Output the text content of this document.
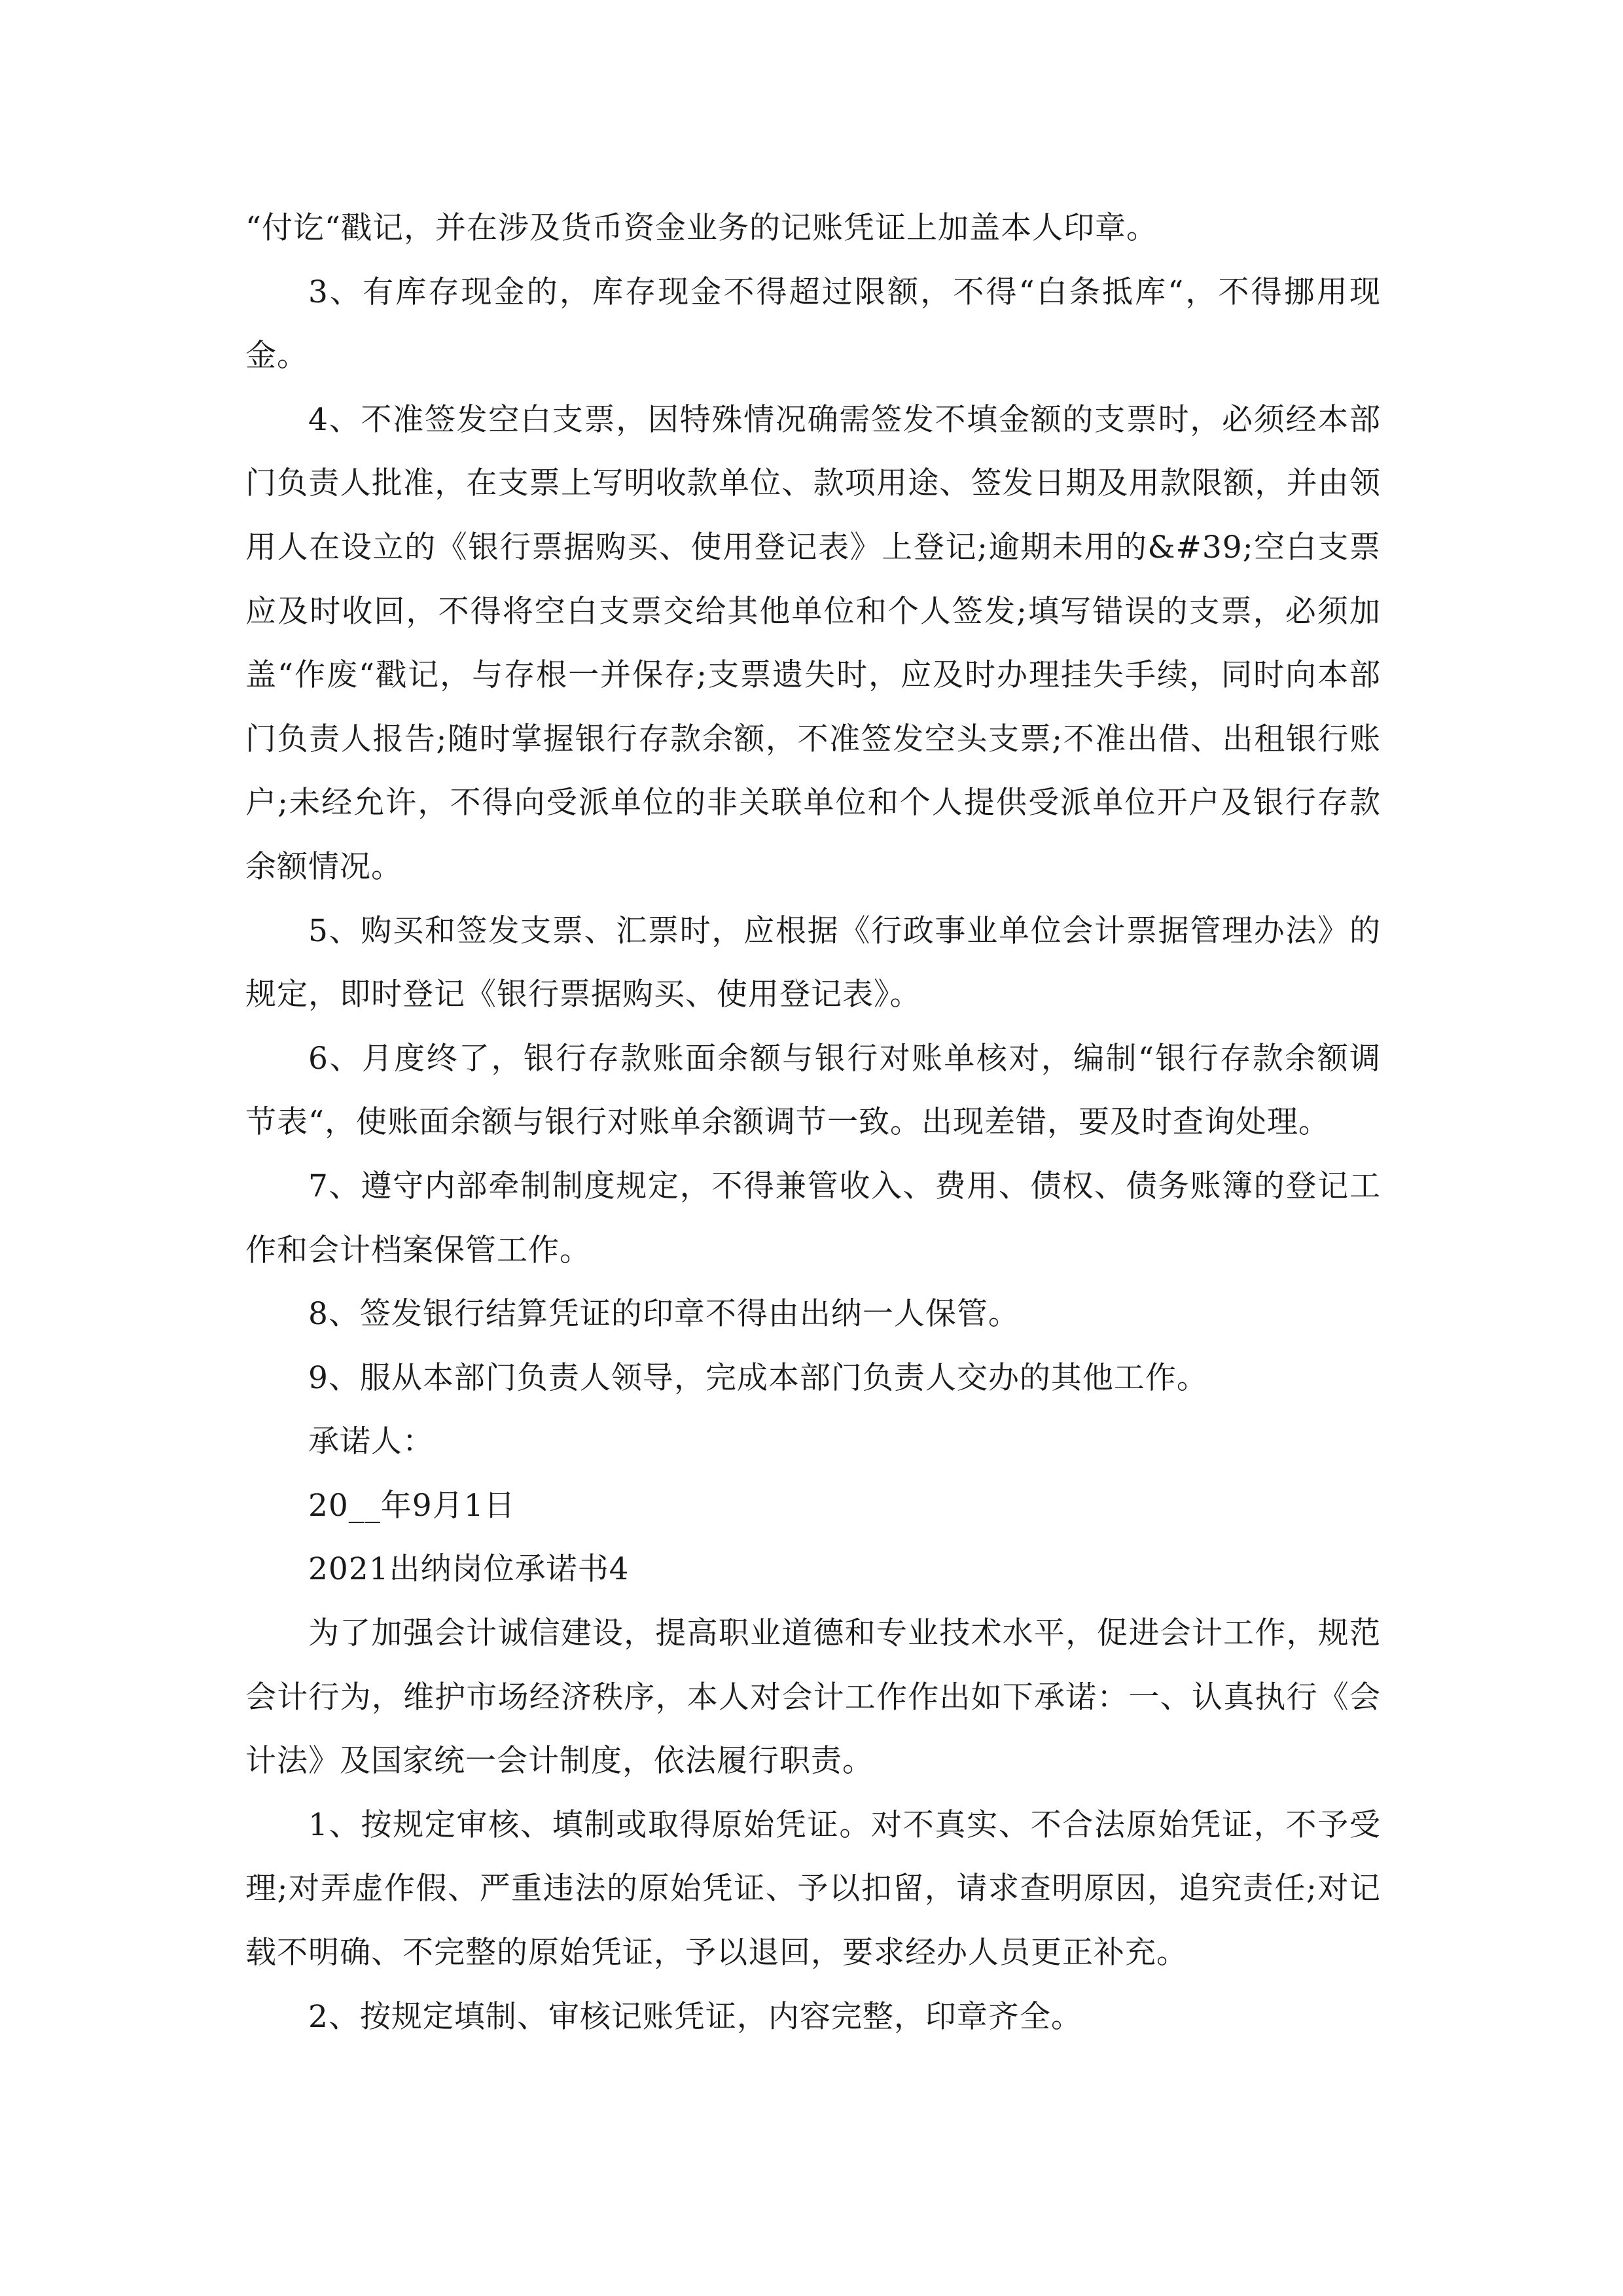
“付讫“戳记，并在涉及货币资金业务的记账凭证上加盖本人印章。

3、有库存现金的，库存现金不得超过限额，不得“白条抵库“，不得挪用现金。

4、不准签发空白支票，因特殊情况确需签发不填金额的支票时，必须经本部门负责人批准，在支票上写明收款单位、款项用途、签发日期及用款限额，并由领用人在设立的《银行票据购买、使用登记表》上登记;逾期未用的&#39;空白支票应及时收回，不得将空白支票交给其他单位和个人签发;填写错误的支票，必须加盖“作废“戳记，与存根一并保存;支票遗失时，应及时办理挂失手续，同时向本部门负责人报告;随时掌握银行存款余额，不准签发空头支票;不准出借、出租银行账户;未经允许，不得向受派单位的非关联单位和个人提供受派单位开户及银行存款余额情况。

5、购买和签发支票、汇票时，应根据《行政事业单位会计票据管理办法》的规定，即时登记《银行票据购买、使用登记表》。

6、月度终了，银行存款账面余额与银行对账单核对，编制“银行存款余额调节表“，使账面余额与银行对账单余额调节一致。出现差错，要及时查询处理。

7、遵守内部牵制制度规定，不得兼管收入、费用、债权、债务账簿的登记工作和会计档案保管工作。

8、签发银行结算凭证的印章不得由出纳一人保管。

9、服从本部门负责人领导，完成本部门负责人交办的其他工作。

承诺人：

20__年9月1日

2021出纳岗位承诺书4

为了加强会计诚信建设，提高职业道德和专业技术水平，促进会计工作，规范会计行为，维护市场经济秩序，本人对会计工作作出如下承诺：一、认真执行《会计法》及国家统一会计制度，依法履行职责。

1、按规定审核、填制或取得原始凭证。对不真实、不合法原始凭证，不予受理;对弄虚作假、严重违法的原始凭证、予以扣留，请求查明原因，追究责任;对记载不明确、不完整的原始凭证，予以退回，要求经办人员更正补充。

2、按规定填制、审核记账凭证，内容完整，印章齐全。
